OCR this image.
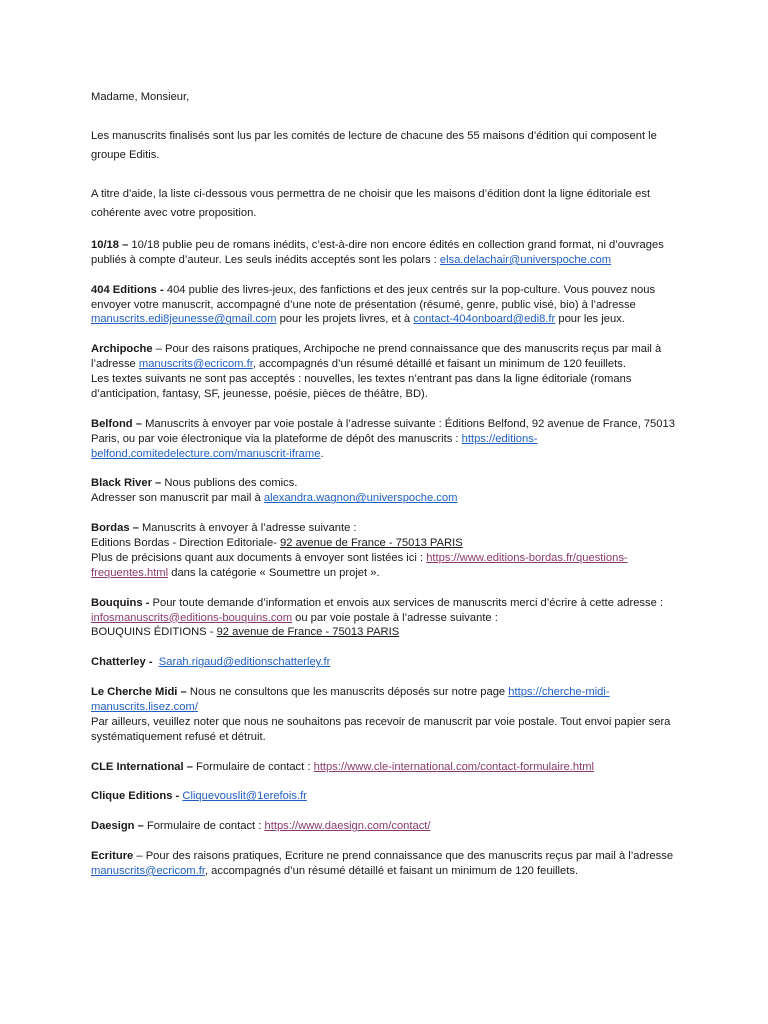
Madame, Monsieur,

Les manuscrits finalisés sont lus par les comités de lecture de chacune des 55 maisons d’édition qui composent le groupe Editis.

A titre d’aide, la liste ci-dessous vous permettra de ne choisir que les maisons d’édition dont la ligne éditoriale est cohérente avec votre proposition.

10/18 – 10/18 publie peu de romans inédits, c’est-à-dire non encore édités en collection grand format, ni d’ouvrages publiés à compte d’auteur. Les seuls inédits acceptés sont les polars : elsa.delachair@universpoche.com

404 Editions - 404 publie des livres-jeux, des fanfictions et des jeux centrés sur la pop-culture. Vous pouvez nous envoyer votre manuscrit, accompagné d’une note de présentation (résumé, genre, public visé, bio) à l’adresse manuscrits.edi8jeunesse@gmail.com pour les projets livres, et à contact-404onboard@edi8.fr pour les jeux.

Archipoche – Pour des raisons pratiques, Archipoche ne prend connaissance que des manuscrits reçus par mail à l’adresse manuscrits@ecricom.fr, accompagnés d’un résumé détaillé et faisant un minimum de 120 feuillets.

Les textes suivants ne sont pas acceptés : nouvelles, les textes n’entrant pas dans la ligne éditoriale (romans d’anticipation, fantasy, SF, jeunesse, poésie, pièces de théâtre, BD).

Belfond – Manuscrits à envoyer par voie postale à l’adresse suivante : Éditions Belfond, 92 avenue de France, 75013 Paris, ou par voie électronique via la plateforme de dépôt des manuscrits : https://editions-belfond.comitedelecture.com/manuscrit-iframe.

Black River – Nous publions des comics.

Adresser son manuscrit par mail à alexandra.wagnon@universpoche.com

Bordas – Manuscrits à envoyer à l’adresse suivante :

Editions Bordas - Direction Editoriale- 92 avenue de France - 75013 PARIS

Plus de précisions quant aux documents à envoyer sont listées ici : https://www.editions-bordas.fr/questions-frequentes.html dans la catégorie « Soumettre un projet ».

Bouquins - Pour toute demande d’information et envois aux services de manuscrits merci d’écrire à cette adresse : infosmanuscrits@editions-bouquins.com ou par voie postale à l’adresse suivante :

BOUQUINS ÉDITIONS - 92 avenue de France - 75013 PARIS

Chatterley - Sarah.rigaud@editionschatterley.fr

Le Cherche Midi – Nous ne consultons que les manuscrits déposés sur notre page https://cherche-midi-manuscrits.lisez.com/

Par ailleurs, veuillez noter que nous ne souhaitons pas recevoir de manuscrit par voie postale. Tout envoi papier sera systématiquement refusé et détruit.

CLE International – Formulaire de contact : https://www.cle-international.com/contact-formulaire.html

Clique Editions - Cliquevouslit@1erefois.fr

Daesign – Formulaire de contact : https://www.daesign.com/contact/

Ecriture – Pour des raisons pratiques, Ecriture ne prend connaissance que des manuscrits reçus par mail à l’adresse manuscrits@ecricom.fr, accompagnés d’un résumé détaillé et faisant un minimum de 120 feuillets.
